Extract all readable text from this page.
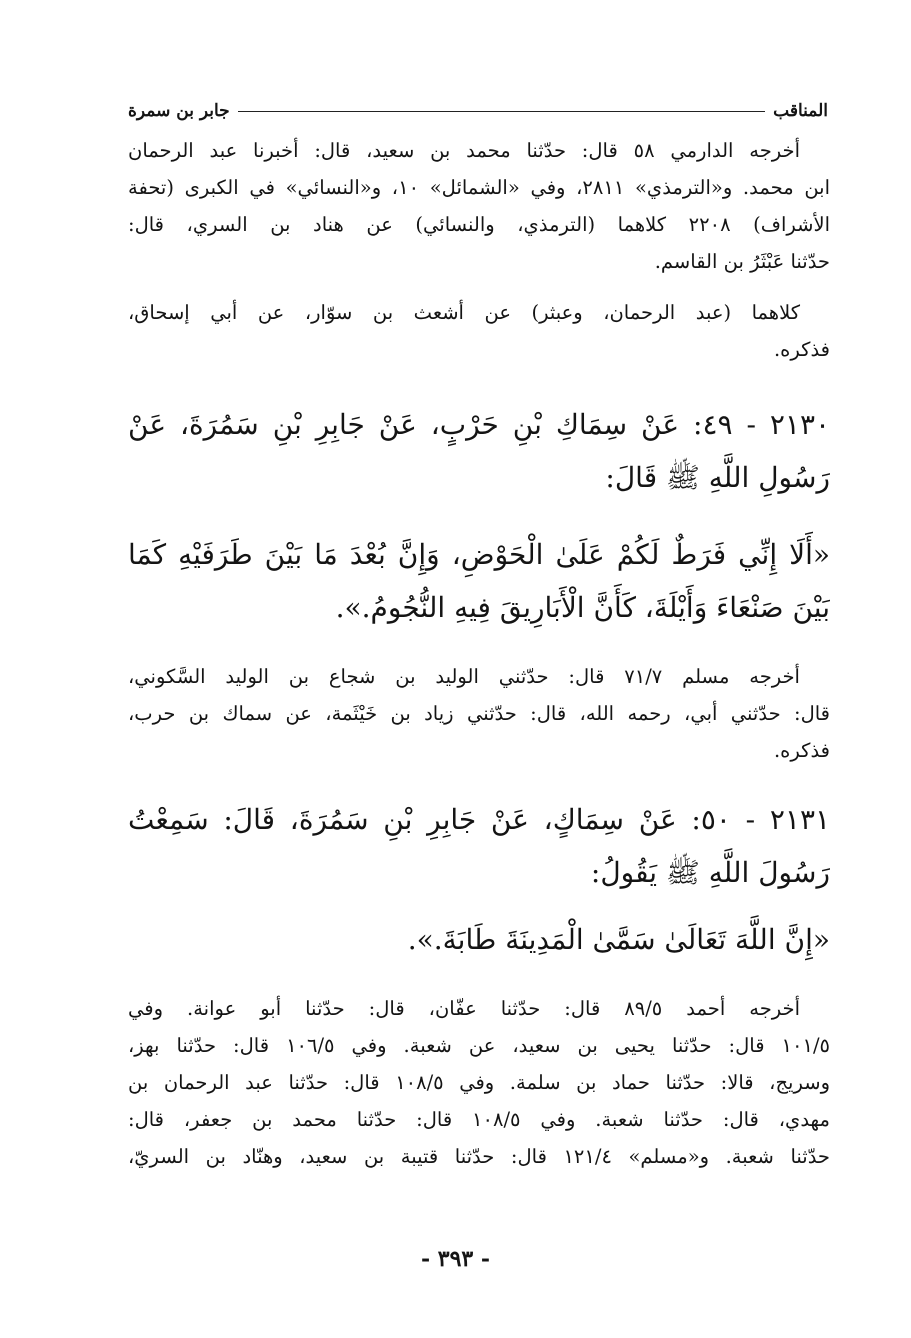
المناقب
جابر بن سمرة
أخرجه الدارمي ٥٨ قال: حدّثنا محمد بن سعيد، قال: أخبرنا عبد الرحمان
ابن محمد. و«الترمذي» ٢٨١١، وفي «الشمائل» ١٠، و«النسائي» في الكبرى (تحفة
الأشراف) ٢٢٠٨ كلاهما (الترمذي، والنسائي) عن هناد بن السري، قال:
حدّثنا عَبْثَرُ بن القاسم.
كلاهما (عبد الرحمان، وعبثر) عن أشعث بن سوّار، عن أبي إسحاق،
فذكره.
٢١٣٠ - ٤٩: عَنْ سِمَاكِ بْنِ حَرْبٍ، عَنْ جَابِرِ بْنِ سَمُرَةَ، عَنْ
رَسُولِ اللَّهِ ﷺ قَالَ:
«أَلَا إِنِّي فَرَطٌ لَكُمْ عَلَىٰ الْحَوْضِ، وَإِنَّ بُعْدَ مَا بَيْنَ طَرَفَيْهِ كَمَا
بَيْنَ صَنْعَاءَ وَأَيْلَةَ، كَأَنَّ الْأَبَارِيقَ فِيهِ النُّجُومُ.».
أخرجه مسلم ٧١/٧ قال: حدّثني الوليد بن شجاع بن الوليد السَّكوني،
قال: حدّثني أبي، رحمه الله، قال: حدّثني زياد بن خَيْثَمة، عن سماك بن حرب،
فذكره.
٢١٣١ - ٥٠: عَنْ سِمَاكٍ، عَنْ جَابِرِ بْنِ سَمُرَةَ، قَالَ: سَمِعْتُ
رَسُولَ اللَّهِ ﷺ يَقُولُ:
«إِنَّ اللَّهَ تَعَالَىٰ سَمَّىٰ الْمَدِينَةَ طَابَةَ.».
أخرجه أحمد ٨٩/٥ قال: حدّثنا عفّان، قال: حدّثنا أبو عوانة. وفي
١٠١/٥ قال: حدّثنا يحيى بن سعيد، عن شعبة. وفي ١٠٦/٥ قال: حدّثنا بهز،
وسريج، قالا: حدّثنا حماد بن سلمة. وفي ١٠٨/٥ قال: حدّثنا عبد الرحمان بن
مهدي، قال: حدّثنا شعبة. وفي ١٠٨/٥ قال: حدّثنا محمد بن جعفر، قال:
حدّثنا شعبة. و«مسلم» ١٢١/٤ قال: حدّثنا قتيبة بن سعيد، وهنّاد بن السريّ،
- ٣٩٣ -
